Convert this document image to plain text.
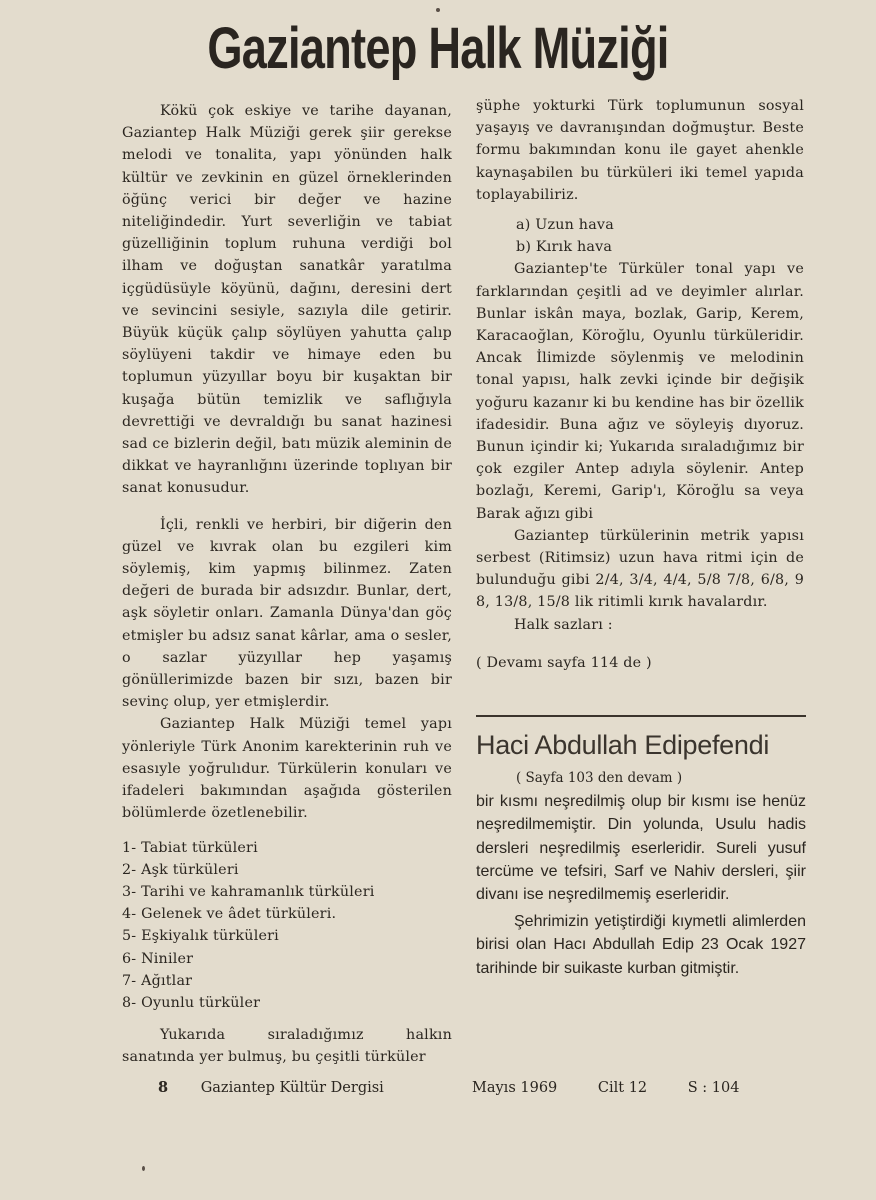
Gaziantep Halk Müziği

Kökü çok eskiye ve tarihe dayanan, Gaziantep Halk Müziği gerek şiir gerekse melodi ve tonalita, yapı yönünden halk kültür ve zevkinin en güzel örneklerinden öğünç verici bir değer ve hazine niteliğindedir. Yurt severliğin ve tabiat güzelliğinin toplum ruhuna verdiği bol ilham ve doğuştan sanatkâr yaratılma içgüdüsüyle köyünü, dağını, deresini dert ve sevincini sesiyle, sazıyla dile getirir. Büyük küçük çalıp söylüyen yahutta çalıp söylüyeni takdir ve himaye eden bu toplumun yüzyıllar boyu bir kuşaktan bir kuşağa bütün temizlik ve saflığıyla devrettiği ve devraldığı bu sanat hazinesi sad ce bizlerin değil, batı müzik aleminin de dikkat ve hayranlığını üzerinde toplıyan bir sanat konusudur.

İçli, renkli ve herbiri, bir diğerin den güzel ve kıvrak olan bu ezgileri kim söylemiş, kim yapmış bilinmez. Zaten değeri de burada bir adsızdır. Bunlar, dert, aşk söyletir onları. Zamanla Dünya'dan göç etmişler bu adsız sanat kârlar, ama o sesler, o sazlar yüzyıllar hep yaşamış gönüllerimizde bazen bir sızı, bazen bir sevinç olup, yer etmişlerdir.

Gaziantep Halk Müziği temel yapı yönleriyle Türk Anonim karekterinin ruh ve esasıyle yoğrulıdur. Türkülerin konuları ve ifadeleri bakımından aşağıda gösterilen bölümlerde özetlenebilir.

1- Tabiat türküleri
2- Aşk türküleri
3- Tarihi ve kahramanlık türküleri
4- Gelenek ve âdet türküleri.
5- Eşkiyalık türküleri
6- Niniler
7- Ağıtlar
8- Oyunlu türküler

Yukarıda sıraladığımız halkın sanatında yer bulmuş, bu çeşitli türküler

şüphe yokturki Türk toplumunun sosyal yaşayış ve davranışından doğmuştur. Beste formu bakımından konu ile gayet ahenkle kaynaşabilen bu türküleri iki temel yapıda toplayabiliriz.

a) Uzun hava
b) Kırık hava

Gaziantep'te Türküler tonal yapı ve farklarından çeşitli ad ve deyimler alırlar. Bunlar iskân maya, bozlak, Garip, Kerem, Karacaoğlan, Köroğlu, Oyunlu türküleridir. Ancak İlimizde söylenmiş ve melodinin tonal yapısı, halk zevki içinde bir değişik yoğuru kazanır ki bu kendine has bir özellik ifadesidir. Buna ağız ve söyleyiş dıyoruz. Bunun içindir ki; Yukarıda sıraladığımız bir çok ezgiler Antep adıyla söylenir. Antep bozlağı, Keremi, Garip'ı, Köroğlu sa veya Barak ağızı gibi

Gaziantep türkülerinin metrik yapısı serbest (Ritimsiz) uzun hava ritmi için de bulunduğu gibi 2/4, 3/4, 4/4, 5/8 7/8, 6/8, 9 8, 13/8, 15/8 lik ritimli kırık havalardır.

Halk sazları :

( Devamı sayfa 114 de )

Haci Abdullah Edipefendi

( Sayfa 103 den devam )

bir kısmı neşredilmiş olup bir kısmı ise henüz neşredilmemiştir. Din yolunda, Usulu hadis dersleri neşredilmiş eserleridir. Sureli yusuf tercüme ve tefsiri, Sarf ve Nahiv dersleri, şiir divanı ise neşredilmemiş eserleridir.

Şehrimizin yetiştirdiği kıymetli alimlerden birisi olan Hacı Abdullah Edip 23 Ocak 1927 tarihinde bir suikaste kurban gitmiştir.

8 Gaziantep Kültür Dergisi	Mayıs 1969	Cilt 12	S : 104
